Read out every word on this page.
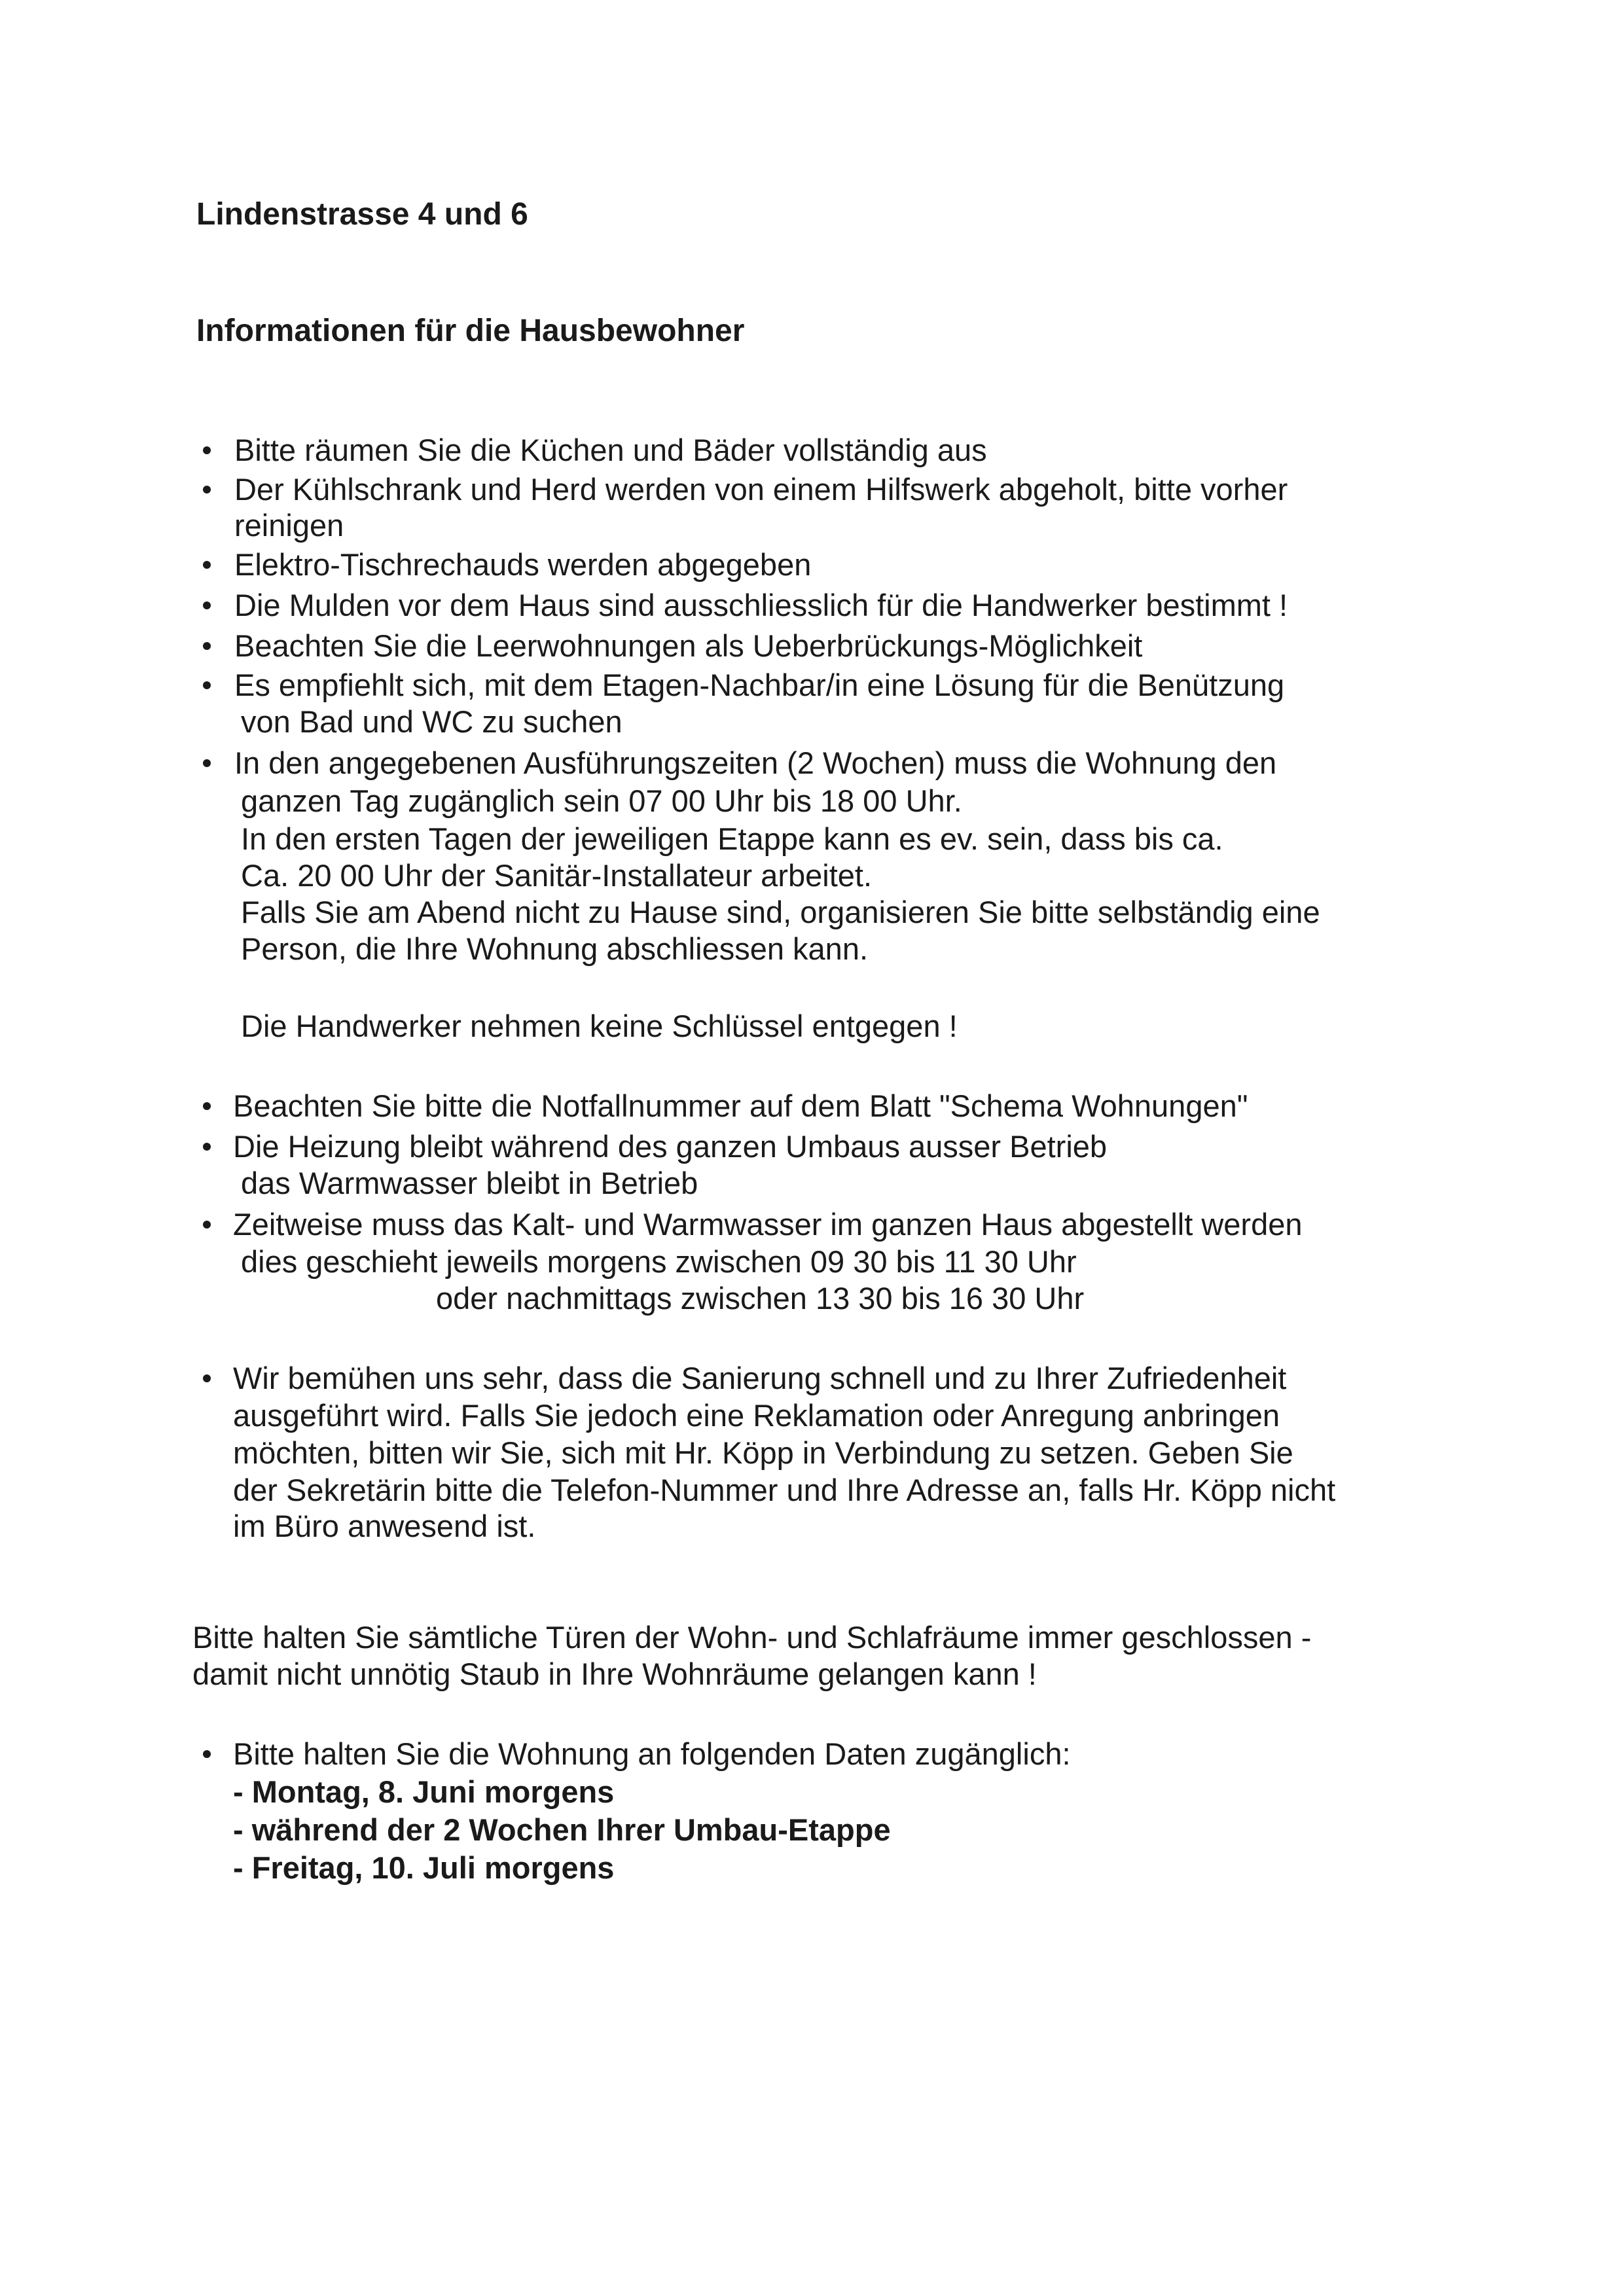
Lindenstrasse 4 und 6
Informationen für die Hausbewohner
Bitte räumen Sie die Küchen und Bäder vollständig aus
Der Kühlschrank und Herd werden von einem Hilfswerk abgeholt, bitte vorher
reinigen
Elektro-Tischrechauds werden abgegeben
Die Mulden vor dem Haus sind ausschliesslich für die Handwerker bestimmt !
Beachten Sie die Leerwohnungen als Ueberbrückungs-Möglichkeit
Es empfiehlt sich, mit dem Etagen-Nachbar/in eine Lösung für die Benützung
von Bad und WC zu suchen
In den angegebenen Ausführungszeiten (2 Wochen) muss die Wohnung den
ganzen Tag zugänglich sein 07 00 Uhr bis 18 00 Uhr.
In den ersten Tagen der jeweiligen Etappe kann es ev. sein, dass bis ca.
Ca. 20 00 Uhr der Sanitär-Installateur arbeitet.
Falls Sie am Abend nicht zu Hause sind, organisieren Sie bitte selbständig eine
Person, die Ihre Wohnung abschliessen kann.
Die Handwerker nehmen keine Schlüssel entgegen !
Beachten Sie bitte die Notfallnummer auf dem Blatt "Schema Wohnungen"
Die Heizung bleibt während des ganzen Umbaus ausser Betrieb
das Warmwasser bleibt in Betrieb
Zeitweise muss das Kalt- und Warmwasser im ganzen Haus abgestellt werden
dies geschieht jeweils morgens zwischen 09 30 bis 11 30 Uhr
oder nachmittags zwischen 13 30 bis 16 30 Uhr
Wir bemühen uns sehr, dass die Sanierung schnell und zu Ihrer Zufriedenheit
ausgeführt wird. Falls Sie jedoch eine Reklamation oder Anregung anbringen
möchten, bitten wir Sie, sich mit Hr. Köpp in Verbindung zu setzen. Geben Sie
der Sekretärin bitte die Telefon-Nummer und Ihre Adresse an, falls Hr. Köpp nicht
im Büro anwesend ist.
Bitte halten Sie sämtliche Türen der Wohn- und Schlafräume immer geschlossen -
damit nicht unnötig Staub in Ihre Wohnräume gelangen kann !
Bitte halten Sie die Wohnung an folgenden Daten zugänglich:
- Montag, 8. Juni morgens
- während der 2 Wochen Ihrer Umbau-Etappe
- Freitag, 10. Juli morgens
